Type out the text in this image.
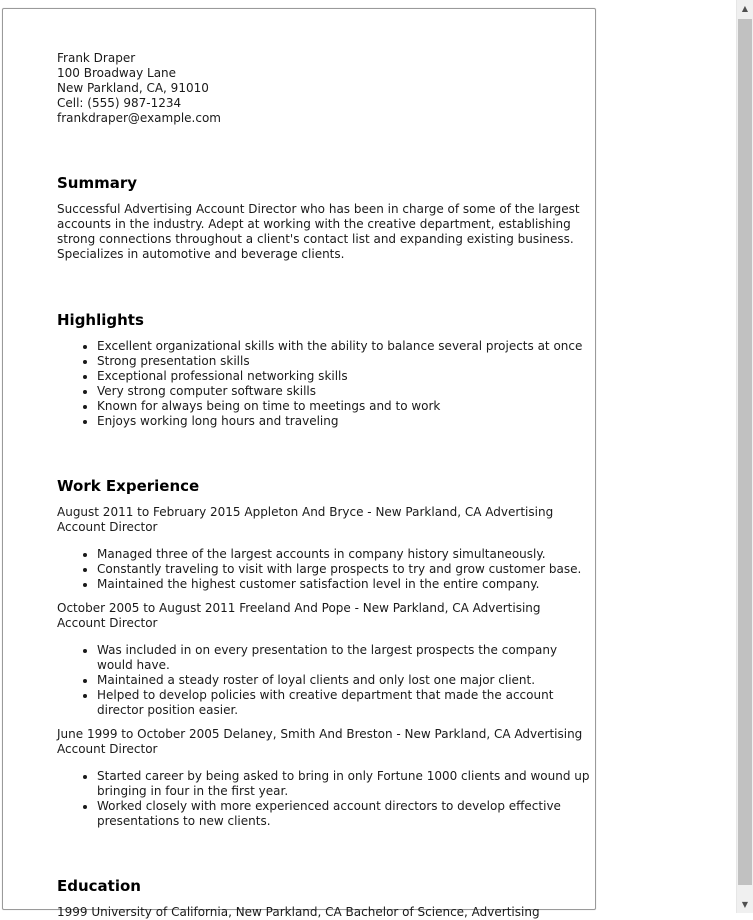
Frank Draper

100 Broadway Lane

New Parkland, CA, 91010

Cell: (555) 987-1234

frankdraper@example.com

Summary

Successful Advertising Account Director who has been in charge of some of the largest accounts in the industry. Adept at working with the creative department, establishing strong connections throughout a client's contact list and expanding existing business. Specializes in automotive and beverage clients.

Highlights
• Excellent organizational skills with the ability to balance several projects at once
• Strong presentation skills
• Exceptional professional networking skills
• Very strong computer software skills
• Known for always being on time to meetings and to work
• Enjoys working long hours and traveling
Work Experience

August 2011 to February 2015 Appleton And Bryce - New Parkland, CA Advertising Account Director

• Managed three of the largest accounts in company history simultaneously.
• Constantly traveling to visit with large prospects to try and grow customer base.
• Maintained the highest customer satisfaction level in the entire company.

October 2005 to August 2011 Freeland And Pope - New Parkland, CA Advertising Account Director

• Was included in on every presentation to the largest prospects the company would have.
• Maintained a steady roster of loyal clients and only lost one major client.
• Helped to develop policies with creative department that made the account director position easier.

June 1999 to October 2005 Delaney, Smith And Breston - New Parkland, CA Advertising Account Director

• Started career by being asked to bring in only Fortune 1000 clients and wound up bringing in four in the first year.
• Worked closely with more experienced account directors to develop effective presentations to new clients.
Education

1999 University of California, New Parkland, CA Bachelor of Science, Advertising

▲
▼
